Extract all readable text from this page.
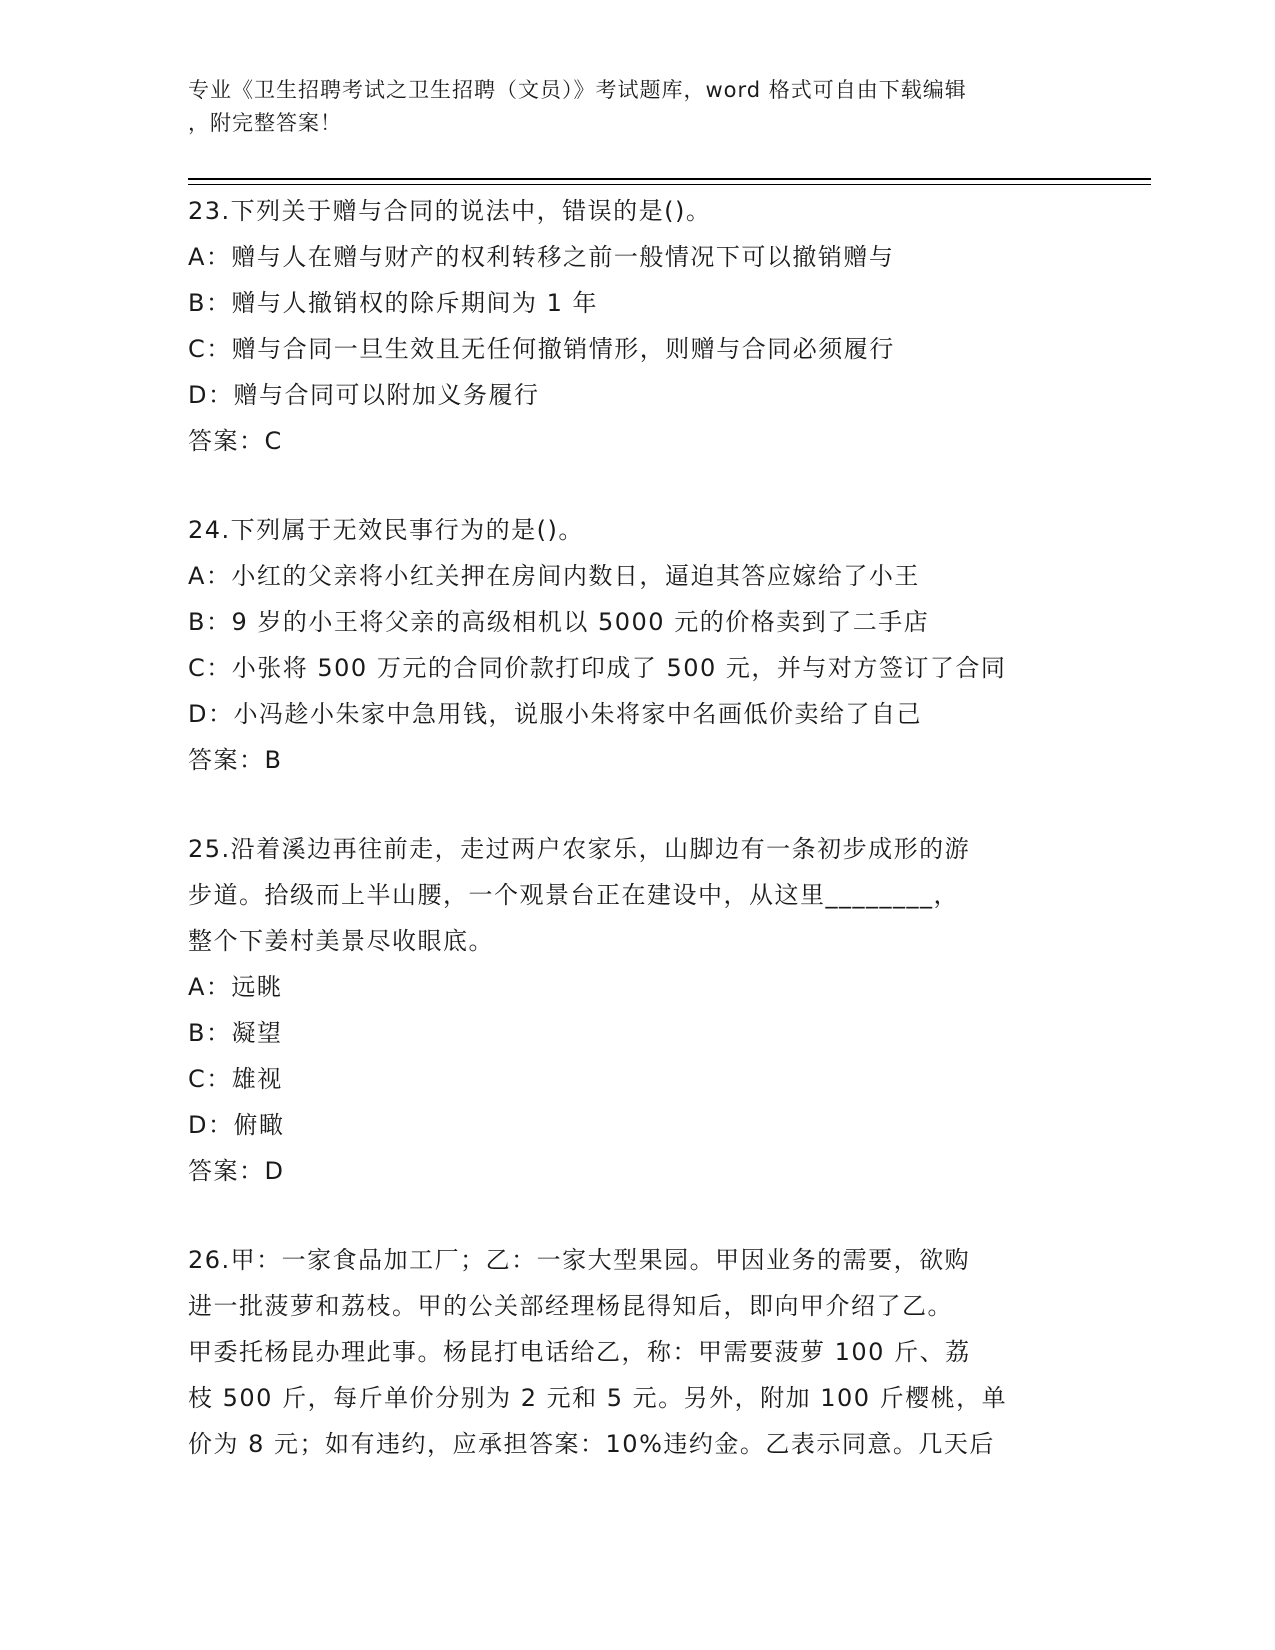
专业《卫生招聘考试之卫生招聘（文员）》考试题库，word 格式可自由下载编辑
，附完整答案！

23.下列关于赠与合同的说法中，错误的是()。

A：赠与人在赠与财产的权利转移之前一般情况下可以撤销赠与

B：赠与人撤销权的除斥期间为 1 年

C：赠与合同一旦生效且无任何撤销情形，则赠与合同必须履行

D：赠与合同可以附加义务履行

答案：C

24.下列属于无效民事行为的是()。

A：小红的父亲将小红关押在房间内数日，逼迫其答应嫁给了小王

B：9 岁的小王将父亲的高级相机以 5000 元的价格卖到了二手店

C：小张将 500 万元的合同价款打印成了 500 元，并与对方签订了合同

D：小冯趁小朱家中急用钱，说服小朱将家中名画低价卖给了自己

答案：B

25.沿着溪边再往前走，走过两户农家乐，山脚边有一条初步成形的游

步道。拾级而上半山腰，一个观景台正在建设中，从这里________，

整个下姜村美景尽收眼底。

A：远眺

B：凝望

C：雄视

D：俯瞰

答案：D

26.甲：一家食品加工厂；乙：一家大型果园。甲因业务的需要，欲购

进一批菠萝和荔枝。甲的公关部经理杨昆得知后，即向甲介绍了乙。

甲委托杨昆办理此事。杨昆打电话给乙，称：甲需要菠萝 100 斤、荔

枝 500 斤，每斤单价分别为 2 元和 5 元。另外，附加 100 斤樱桃，单

价为 8 元；如有违约，应承担答案：10%违约金。乙表示同意。几天后
